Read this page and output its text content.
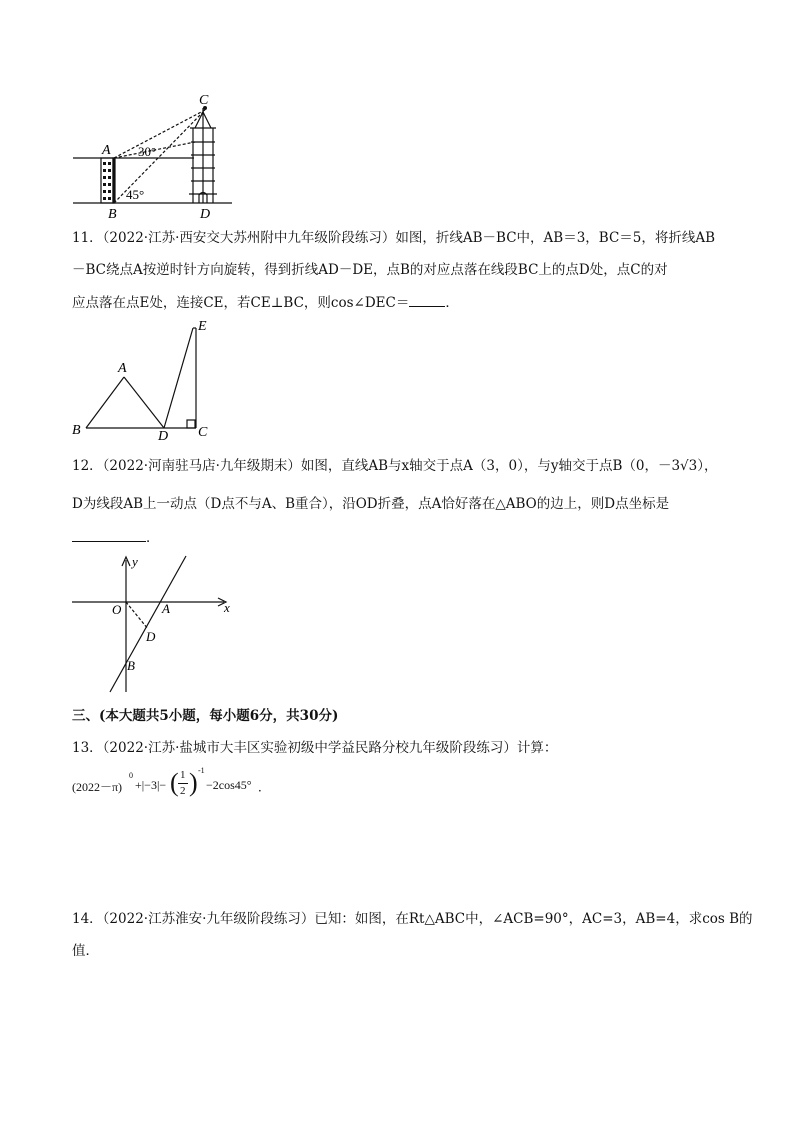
C
A
B	D
30°
45°
11．（2022·江苏·西安交大苏州附中九年级阶段练习）如图，折线AB－BC中，AB＝3，BC＝5，将折线AB
－BC绕点A按逆时针方向旋转，得到折线AD－DE，点B的对应点落在线段BC上的点D处，点C的对
应点落在点E处，连接CE，若CE⊥BC，则cos∠DEC＝	．
E
A
B	D C
12．（2022·河南驻马店·九年级期末）如图，直线AB与x轴交于点A（3，0），与y轴交于点B（0，－3√3），
D为线段AB上一动点（D点不与A、B重合），沿OD折叠，点A恰好落在△ABO的边上，则D点坐标是
．
y
x
O	A
D
B
三、(本大题共5小题，每小题6分，共30分)
13．（2022·江苏·盐城市大丰区实验初级中学益民路分校九年级阶段练习）计算：
(2022－π)
0
+|−3|− ( 1
2 ) -1
−2cos45° ．
14．（2022·江苏淮安·九年级阶段练习）已知：如图，在Rt△ABC中，∠ACB=90°，AC=3，AB=4，求cos B的
值．
